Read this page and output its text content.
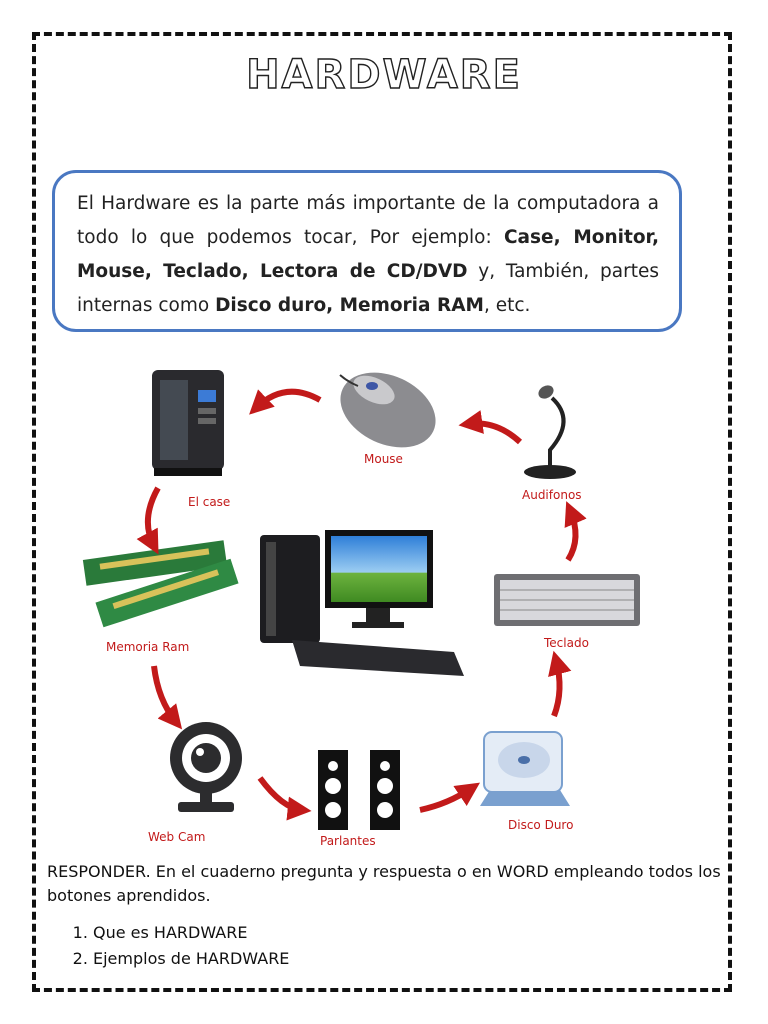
HARDWARE
El Hardware es la parte más importante de la computadora a todo lo que podemos tocar, Por ejemplo: Case, Monitor, Mouse, Teclado, Lectora de CD/DVD y, También, partes internas como Disco duro, Memoria RAM, etc.
Mouse
El case	Audifonos
Memoria Ram	Teclado
Web Cam	Parlantes
Disco Duro
RESPONDER. En el cuaderno pregunta y respuesta o en WORD empleando todos los botones aprendidos.
1. Que es HARDWARE
2. Ejemplos de HARDWARE
